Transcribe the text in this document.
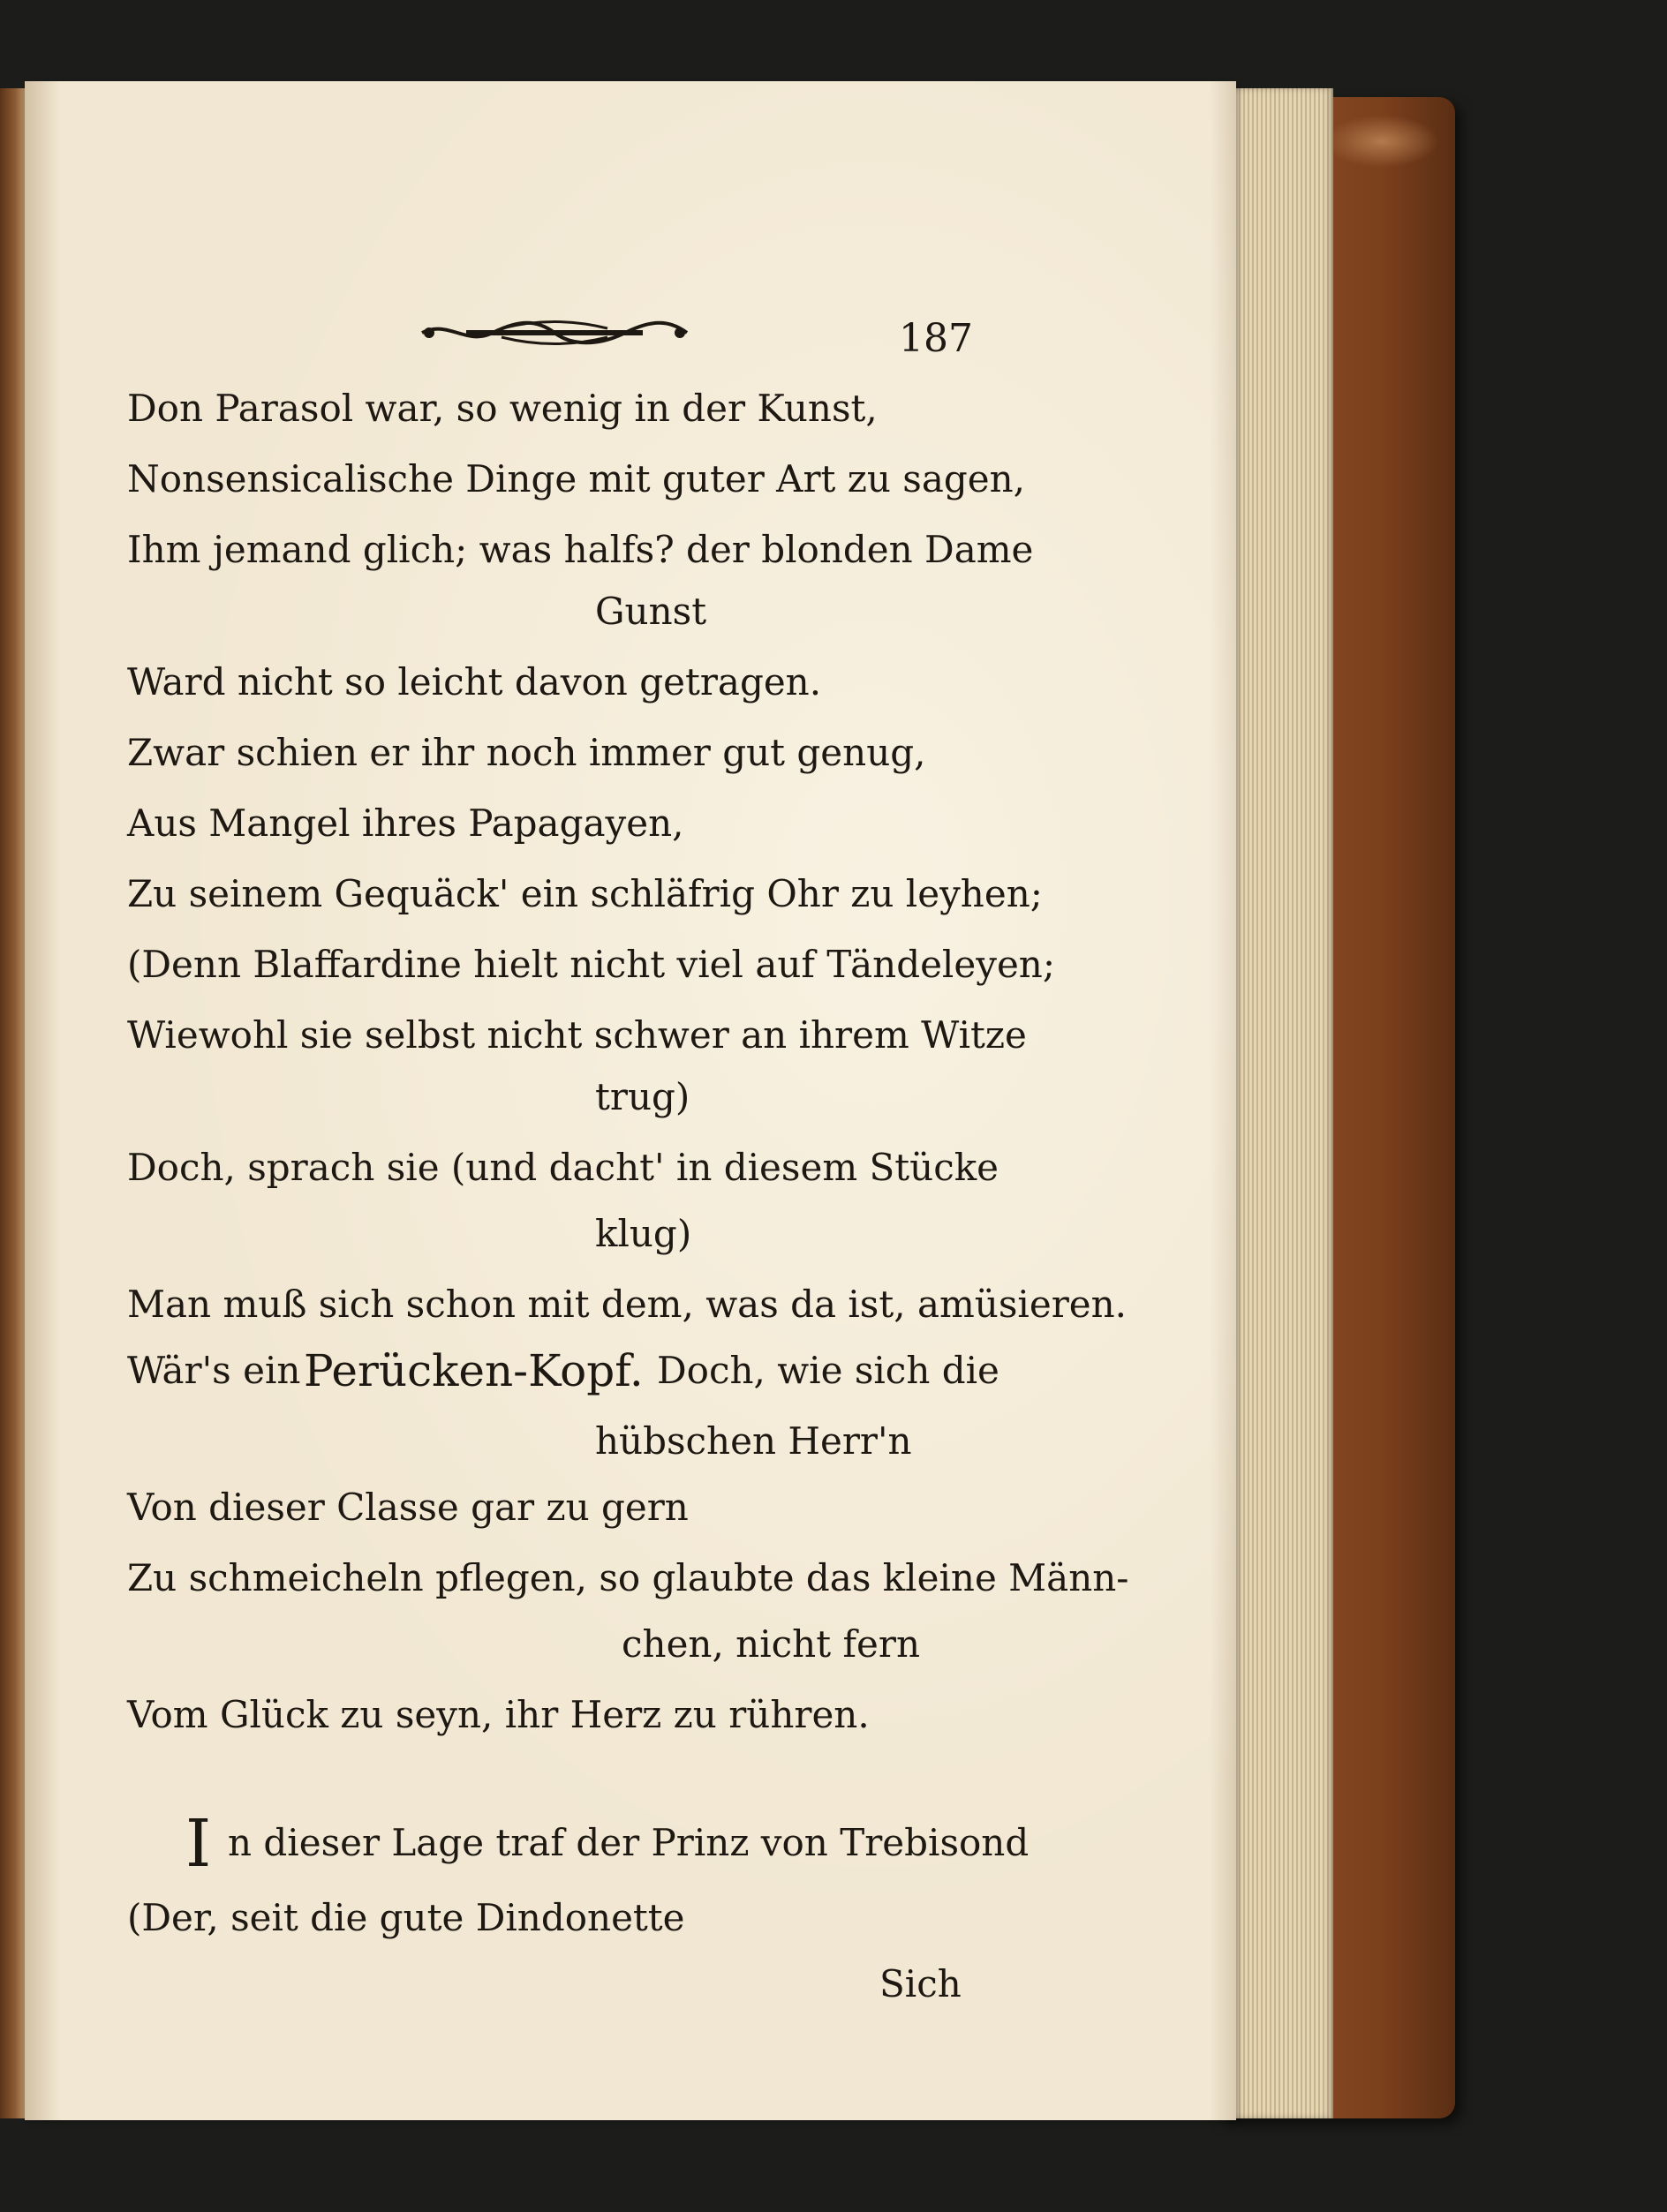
187
Don Parasol war, so wenig in der Kunst,
Nonsensicalische Dinge mit guter Art zu sagen,
Ihm jemand glich; was halfs? der blonden Dame
Gunst
Ward nicht so leicht davon getragen.
Zwar schien er ihr noch immer gut genug,
Aus Mangel ihres Papagayen,
Zu seinem Gequäck' ein schläfrig Ohr zu leyhen;
(Denn Blaffardine hielt nicht viel auf Tändeleyen;
Wiewohl sie selbst nicht schwer an ihrem Witze
trug)
Doch, sprach sie (und dacht' in diesem Stücke
klug)
Man muß sich schon mit dem, was da ist, amüsieren.
Wär's ein Perücken-Kopf. Doch, wie sich die
hübschen Herr'n
Von dieser Classe gar zu gern
Zu schmeicheln pflegen, so glaubte das kleine Männ-
chen, nicht fern
Vom Glück zu seyn, ihr Herz zu rühren.
I n dieser Lage traf der Prinz von Trebisond
(Der, seit die gute Dindonette
Sich
